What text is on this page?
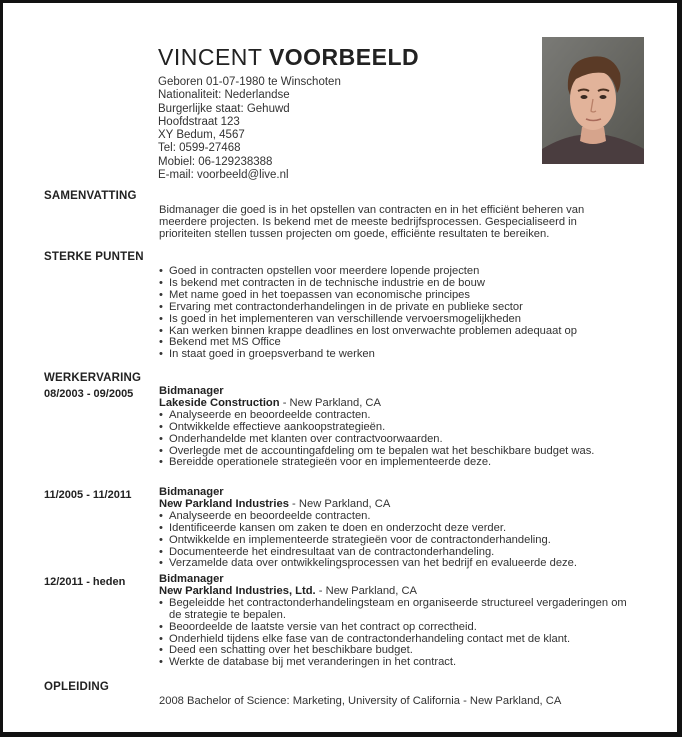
VINCENT VOORBEELD
Geboren 01-07-1980 te Winschoten
Nationaliteit: Nederlandse
Burgerlijke staat: Gehuwd
Hoofdstraat 123
XY Bedum, 4567
Tel: 0599-27468
Mobiel: 06-129238388
E-mail: voorbeeld@live.nl
SAMENVATTING

Bidmanager die goed is in het opstellen van contracten en in het efficiënt beheren van meerdere projecten. Is bekend met de meeste bedrijfsprocessen. Gespecialiseerd in prioriteiten stellen tussen projecten om goede, efficiënte resultaten te bereiken.

STERKE PUNTEN
• Goed in contracten opstellen voor meerdere lopende projecten
• Is bekend met contracten in de technische industrie en de bouw
• Met name goed in het toepassen van economische principes
• Ervaring met contractonderhandelingen in de private en publieke sector
• Is goed in het implementeren van verschillende vervoersmogelijkheden
• Kan werken binnen krappe deadlines en lost onverwachte problemen adequaat op
• Bekend met MS Office
• In staat goed in groepsverband te werken
WERKERVARING
08/2003 - 09/2005 Bidmanager
Lakeside Construction - New Parkland, CA
• Analyseerde en beoordeelde contracten.
• Ontwikkelde effectieve aankoopstrategieën.
• Onderhandelde met klanten over contractvoorwaarden.
• Overlegde met de accountingafdeling om te bepalen wat het beschikbare budget was.
• Bereidde operationele strategieën voor en implementeerde deze.
11/2005 - 11/2011 Bidmanager
New Parkland Industries - New Parkland, CA
• Analyseerde en beoordeelde contracten.
• Identificeerde kansen om zaken te doen en onderzocht deze verder.
• Ontwikkelde en implementeerde strategieën voor de contractonderhandeling.
• Documenteerde het eindresultaat van de contractonderhandeling.
• Verzamelde data over ontwikkelingsprocessen van het bedrijf en evalueerde deze.
12/2011 - heden	Bidmanager
New Parkland Industries, Ltd. - New Parkland, CA
• Begeleidde het contractonderhandelingsteam en organiseerde structureel vergaderingen om de strategie te bepalen.
• Beoordeelde de laatste versie van het contract op correctheid.
• Onderhield tijdens elke fase van de contractonderhandeling contact met de klant.
• Deed een schatting over het beschikbare budget.
• Werkte de database bij met veranderingen in het contract.
OPLEIDING

2008 Bachelor of Science: Marketing, University of California - New Parkland, CA
